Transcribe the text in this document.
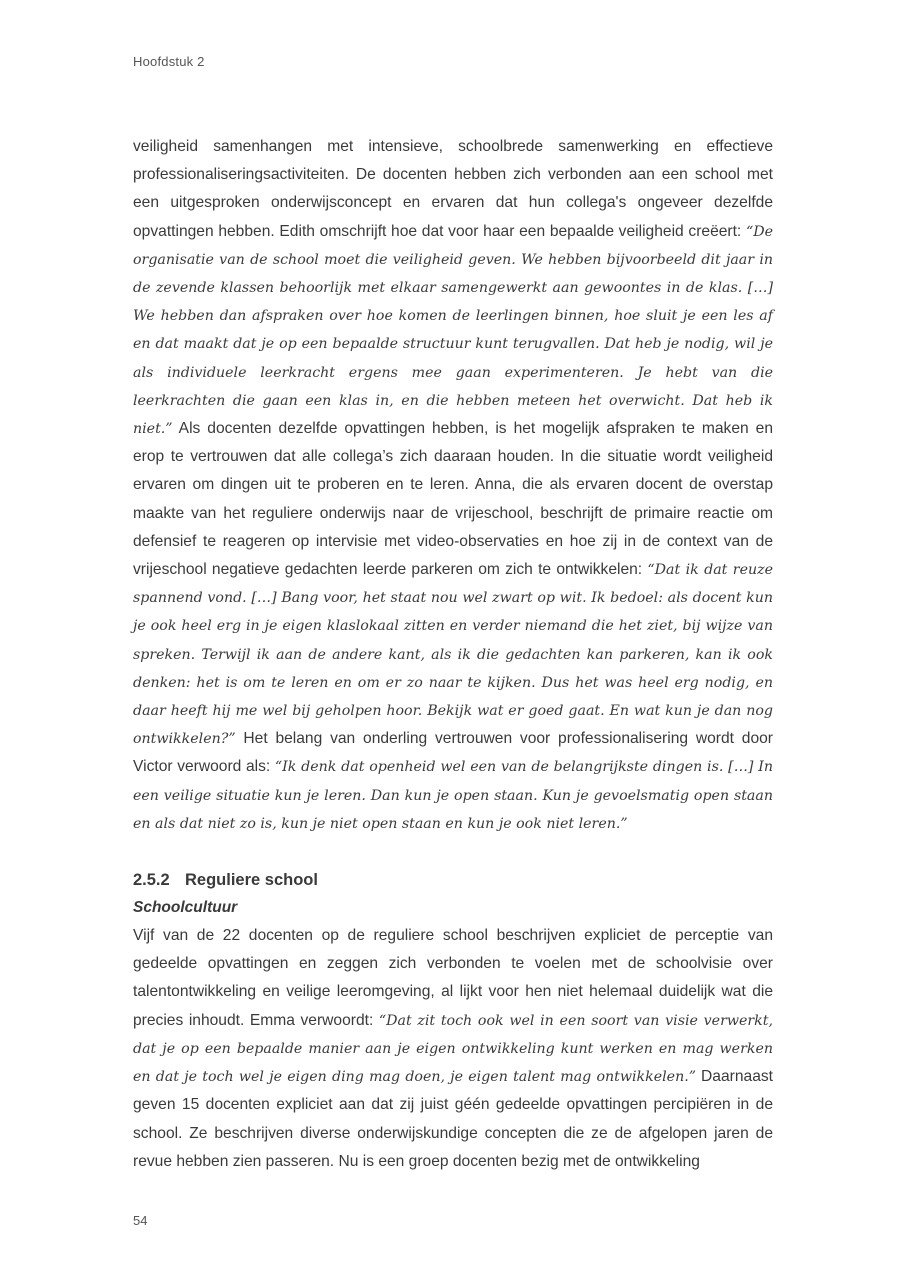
Hoofdstuk 2

veiligheid samenhangen met intensieve, schoolbrede samenwerking en effectieve professionaliseringsactiviteiten. De docenten hebben zich verbonden aan een school met een uitgesproken onderwijsconcept en ervaren dat hun collega's ongeveer dezelfde opvattingen hebben. Edith omschrijft hoe dat voor haar een bepaalde veiligheid creëert: “De organisatie van de school moet die veiligheid geven. We hebben bijvoorbeeld dit jaar in de zevende klassen behoorlijk met elkaar samengewerkt aan gewoontes in de klas. […] We hebben dan afspraken over hoe komen de leerlingen binnen, hoe sluit je een les af en dat maakt dat je op een bepaalde structuur kunt terugvallen. Dat heb je nodig, wil je als individuele leerkracht ergens mee gaan experimenteren. Je hebt van die leerkrachten die gaan een klas in, en die hebben meteen het overwicht. Dat heb ik niet.” Als docenten dezelfde opvattingen hebben, is het mogelijk afspraken te maken en erop te vertrouwen dat alle collega’s zich daaraan houden. In die situatie wordt veiligheid ervaren om dingen uit te proberen en te leren. Anna, die als ervaren docent de overstap maakte van het reguliere onderwijs naar de vrijeschool, beschrijft de primaire reactie om defensief te reageren op intervisie met video-observaties en hoe zij in de context van de vrijeschool negatieve gedachten leerde parkeren om zich te ontwikkelen: “Dat ik dat reuze spannend vond. […] Bang voor, het staat nou wel zwart op wit. Ik bedoel: als docent kun je ook heel erg in je eigen klaslokaal zitten en verder niemand die het ziet, bij wijze van spreken. Terwijl ik aan de andere kant, als ik die gedachten kan parkeren, kan ik ook denken: het is om te leren en om er zo naar te kijken. Dus het was heel erg nodig, en daar heeft hij me wel bij geholpen hoor. Bekijk wat er goed gaat. En wat kun je dan nog ontwikkelen?” Het belang van onderling vertrouwen voor professionalisering wordt door Victor verwoord als: “Ik denk dat openheid wel een van de belangrijkste dingen is. […] In een veilige situatie kun je leren. Dan kun je open staan. Kun je gevoelsmatig open staan en als dat niet zo is, kun je niet open staan en kun je ook niet leren.”

2.5.2 Reguliere school
Schoolcultuur

Vijf van de 22 docenten op de reguliere school beschrijven expliciet de perceptie van gedeelde opvattingen en zeggen zich verbonden te voelen met de schoolvisie over talentontwikkeling en veilige leeromgeving, al lijkt voor hen niet helemaal duidelijk wat die precies inhoudt. Emma verwoordt: “Dat zit toch ook wel in een soort van visie verwerkt, dat je op een bepaalde manier aan je eigen ontwikkeling kunt werken en mag werken en dat je toch wel je eigen ding mag doen, je eigen talent mag ontwikkelen.” Daarnaast geven 15 docenten expliciet aan dat zij juist géén gedeelde opvattingen percipiëren in de school. Ze beschrijven diverse onderwijskundige concepten die ze de afgelopen jaren de revue hebben zien passeren. Nu is een groep docenten bezig met de ontwikkeling

54
